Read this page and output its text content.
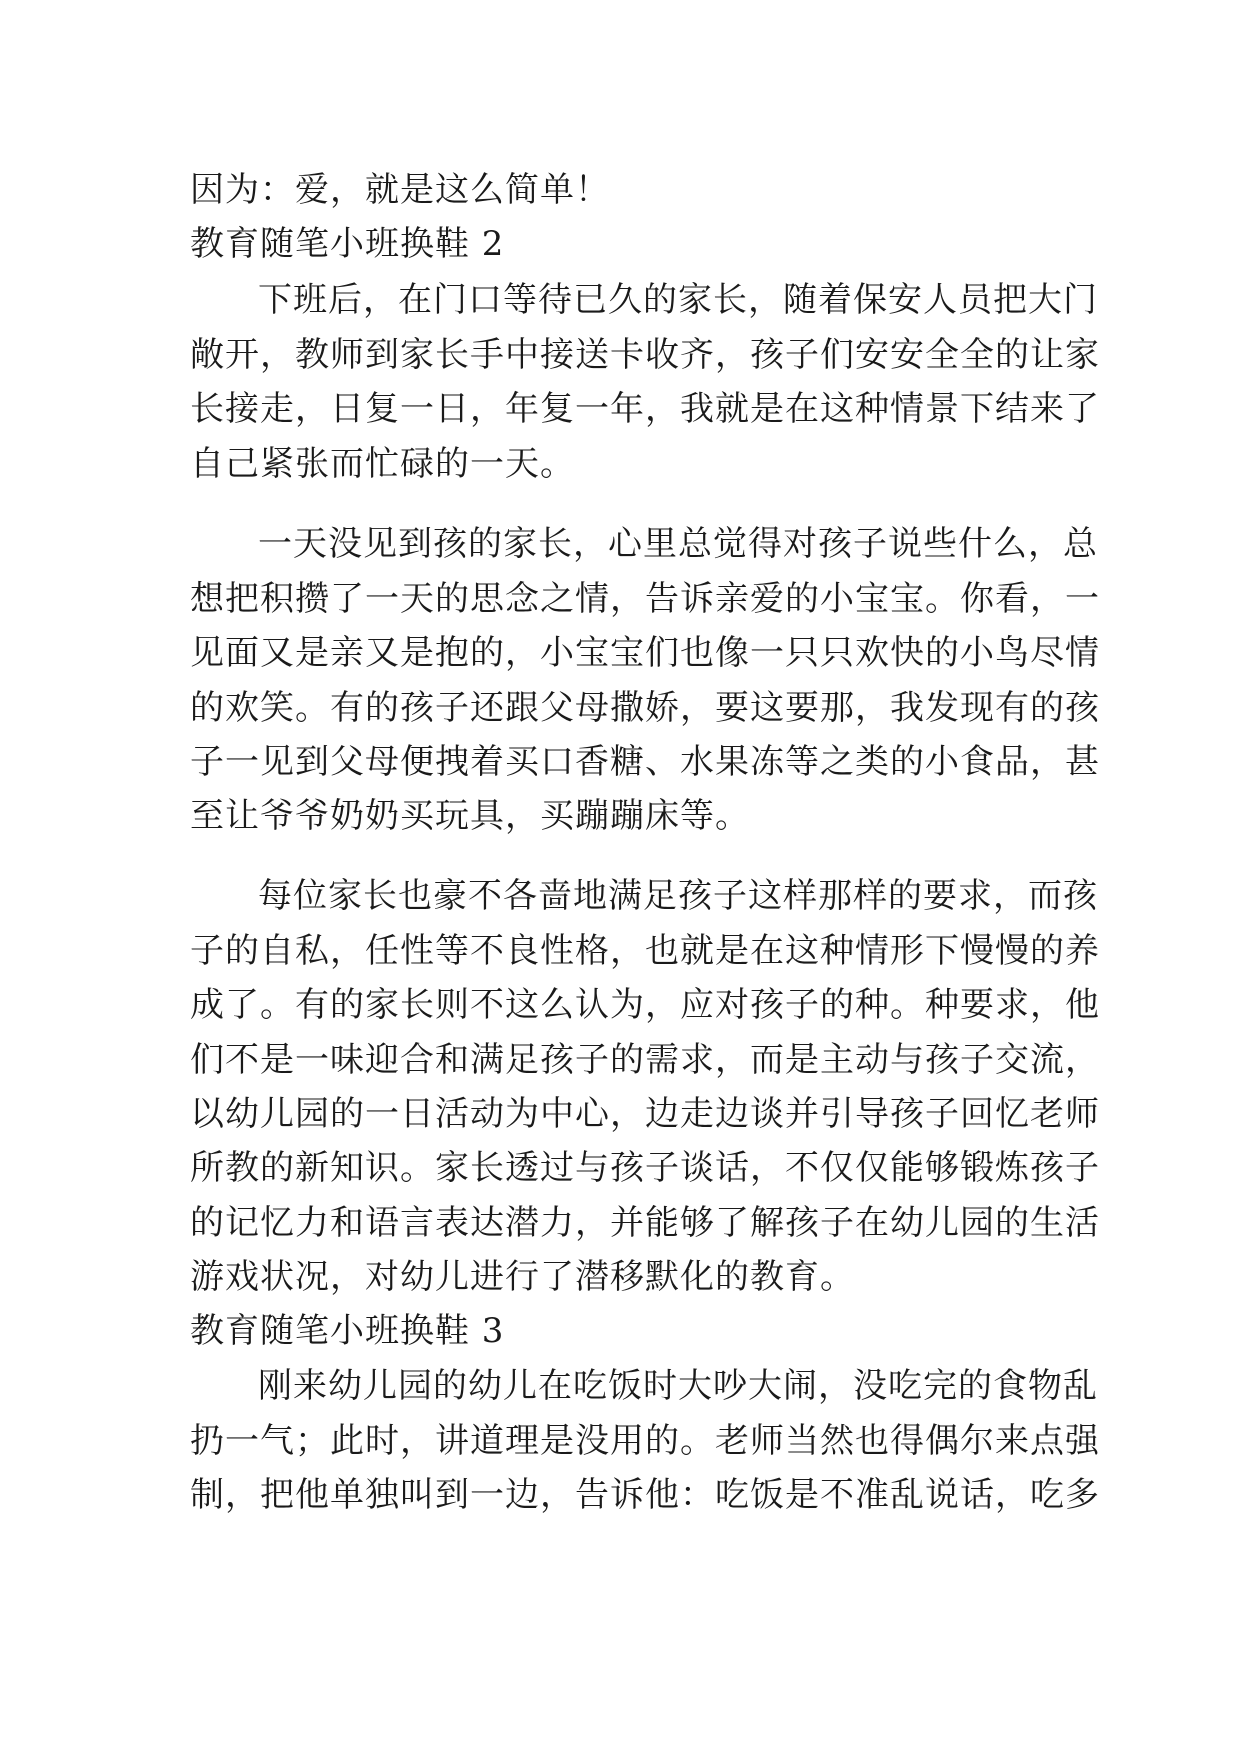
因为：爱，就是这么简单！
教育随笔小班换鞋 2
下班后，在门口等待已久的家长，随着保安人员把大门
敞开，教师到家长手中接送卡收齐，孩子们安安全全的让家
长接走，日复一日，年复一年，我就是在这种情景下结来了
自己紧张而忙碌的一天。
一天没见到孩的家长，心里总觉得对孩子说些什么，总
想把积攒了一天的思念之情，告诉亲爱的小宝宝。你看，一
见面又是亲又是抱的，小宝宝们也像一只只欢快的小鸟尽情
的欢笑。有的孩子还跟父母撒娇，要这要那，我发现有的孩
子一见到父母便拽着买口香糖、水果冻等之类的小食品，甚
至让爷爷奶奶买玩具，买蹦蹦床等。
每位家长也豪不各啬地满足孩子这样那样的要求，而孩
子的自私，任性等不良性格，也就是在这种情形下慢慢的养
成了。有的家长则不这么认为，应对孩子的种。种要求，他
们不是一味迎合和满足孩子的需求，而是主动与孩子交流，
以幼儿园的一日活动为中心，边走边谈并引导孩子回忆老师
所教的新知识。家长透过与孩子谈话，不仅仅能够锻炼孩子
的记忆力和语言表达潜力，并能够了解孩子在幼儿园的生活
游戏状况，对幼儿进行了潜移默化的教育。
教育随笔小班换鞋 3
刚来幼儿园的幼儿在吃饭时大吵大闹，没吃完的食物乱
扔一气；此时，讲道理是没用的。老师当然也得偶尔来点强
制，把他单独叫到一边，告诉他：吃饭是不准乱说话，吃多
